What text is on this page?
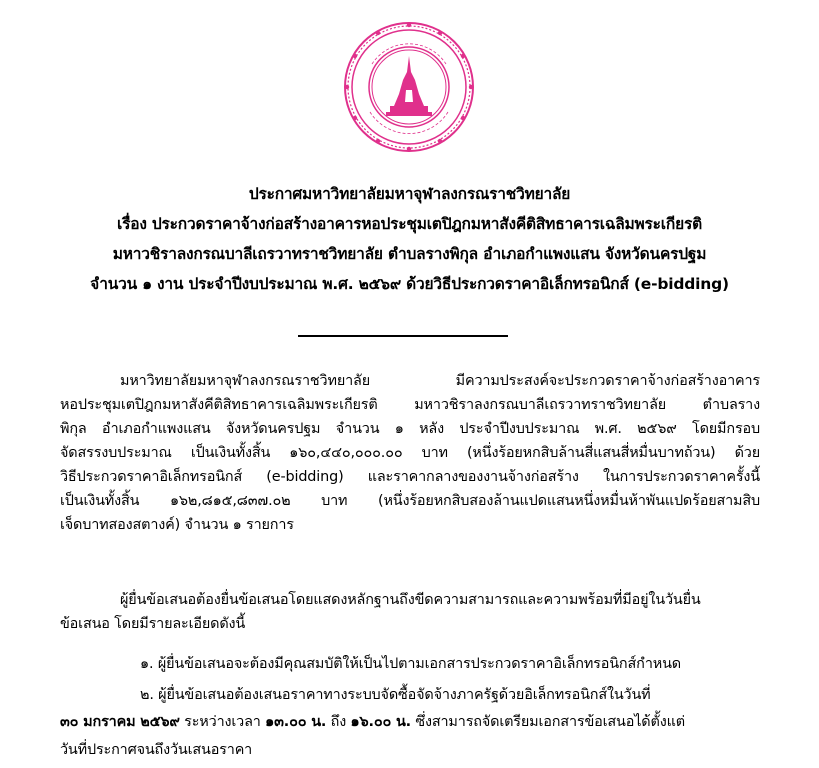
ประกาศมหาวิทยาลัยมหาจุฬาลงกรณราชวิทยาลัย
เรื่อง ประกวดราคาจ้างก่อสร้างอาคารหอประชุมเตปิฎกมหาสังคีติสิทธาคารเฉลิมพระเกียรติ
มหาวชิราลงกรณบาลีเถรวาทราชวิทยาลัย ตำบลรางพิกุล อำเภอกำแพงแสน จังหวัดนครปฐม
จำนวน ๑ งาน ประจำปีงบประมาณ พ.ศ. ๒๕๖๙ ด้วยวิธีประกวดราคาอิเล็กทรอนิกส์ (e-bidding)
มหาวิทยาลัยมหาจุฬาลงกรณราชวิทยาลัย มีความประสงค์จะประกวดราคาจ้างก่อสร้างอาคาร
หอประชุมเตปิฎกมหาสังคีติสิทธาคารเฉลิมพระเกียรติ มหาวชิราลงกรณบาลีเถรวาทราชวิทยาลัย ตำบลราง
พิกุล อำเภอกำแพงแสน จังหวัดนครปฐม จำนวน ๑ หลัง ประจำปีงบประมาณ พ.ศ. ๒๕๖๙ โดยมีกรอบ
จัดสรรงบประมาณ เป็นเงินทั้งสิ้น ๑๖๐,๔๔๐,๐๐๐.๐๐ บาท (หนึ่งร้อยหกสิบล้านสี่แสนสี่หมื่นบาทถ้วน) ด้วย
วิธีประกวดราคาอิเล็กทรอนิกส์ (e-bidding) และราคากลางของงานจ้างก่อสร้าง ในการประกวดราคาครั้งนี้
เป็นเงินทั้งสิ้น ๑๖๒,๘๑๕,๘๓๗.๐๒ บาท (หนึ่งร้อยหกสิบสองล้านแปดแสนหนึ่งหมื่นห้าพันแปดร้อยสามสิบ
เจ็ดบาทสองสตางค์) จำนวน ๑ รายการ
ผู้ยื่นข้อเสนอต้องยื่นข้อเสนอโดยแสดงหลักฐานถึงขีดความสามารถและความพร้อมที่มีอยู่ในวันยื่น
ข้อเสนอ โดยมีรายละเอียดดังนี้
๑. ผู้ยื่นข้อเสนอจะต้องมีคุณสมบัติให้เป็นไปตามเอกสารประกวดราคาอิเล็กทรอนิกส์กำหนด
๒. ผู้ยื่นข้อเสนอต้องเสนอราคาทางระบบจัดซื้อจัดจ้างภาครัฐด้วยอิเล็กทรอนิกส์ในวันที่
๓๐ มกราคม ๒๕๖๙ ระหว่างเวลา ๑๓.๐๐ น. ถึง ๑๖.๐๐ น. ซึ่งสามารถจัดเตรียมเอกสารข้อเสนอได้ตั้งแต่
วันที่ประกาศจนถึงวันเสนอราคา
